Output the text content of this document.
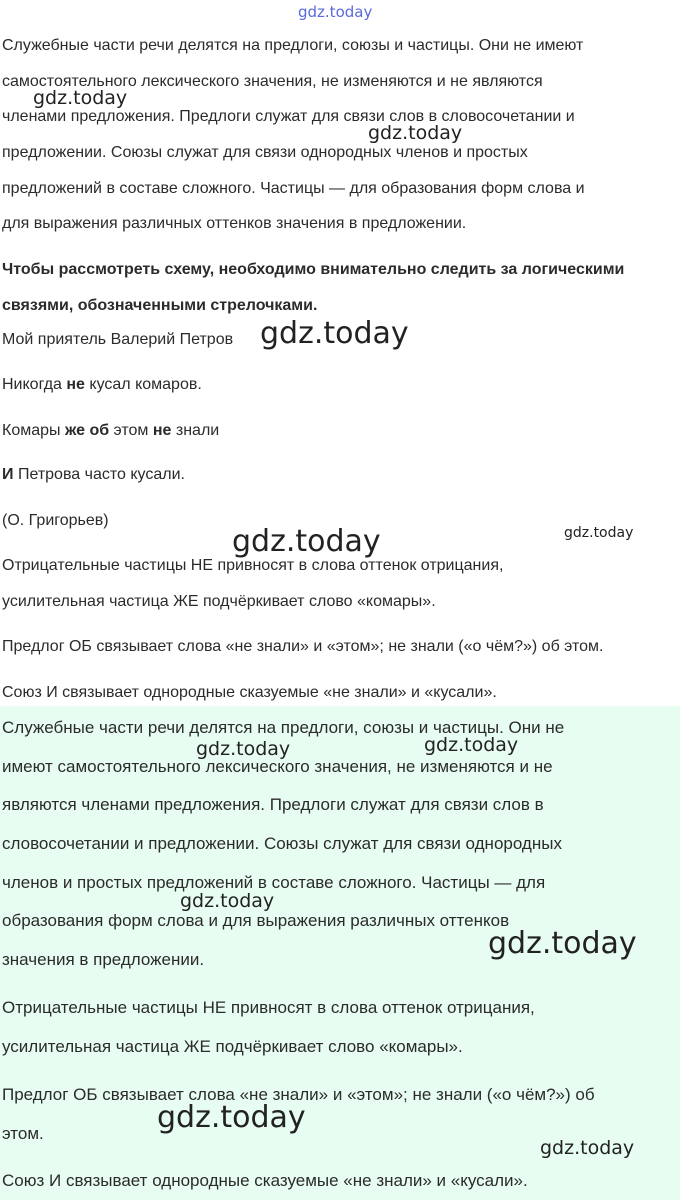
Служебные части речи делятся на предлоги, союзы и частицы. Они не имеют
самостоятельного лексического значения, не изменяются и не являются
членами предложения. Предлоги служат для связи слов в словосочетании и
предложении. Союзы служат для связи однородных членов и простых
предложений в составе сложного. Частицы — для образования форм слова и
для выражения различных оттенков значения в предложении.
Чтобы рассмотреть схему, необходимо внимательно следить за логическими
связями, обозначенными стрелочками.
Мой приятель Валерий Петров
Никогда не кусал комаров.
Комары же об этом не знали
И Петрова часто кусали.
(О. Григорьев)
Отрицательные частицы НЕ привносят в слова оттенок отрицания,
усилительная частица ЖЕ подчёркивает слово «комары».
Предлог ОБ связывает слова «не знали» и «этом»; не знали («о чём?») об этом.
Союз И связывает однородные сказуемые «не знали» и «кусали».
Служебные части речи делятся на предлоги, союзы и частицы. Они не
имеют самостоятельного лексического значения, не изменяются и не
являются членами предложения. Предлоги служат для связи слов в
словосочетании и предложении. Союзы служат для связи однородных
членов и простых предложений в составе сложного. Частицы — для
образования форм слова и для выражения различных оттенков
значения в предложении.
Отрицательные частицы НЕ привносят в слова оттенок отрицания,
усилительная частица ЖЕ подчёркивает слово «комары».
Предлог ОБ связывает слова «не знали» и «этом»; не знали («о чём?») об
этом.
Союз И связывает однородные сказуемые «не знали» и «кусали».
gdz.today
gdz.today
gdz.today
gdz.today
gdz.today	gdz.today
gdz.today	gdz.today
gdz.today
gdz.today
gdz.today
gdz.today
